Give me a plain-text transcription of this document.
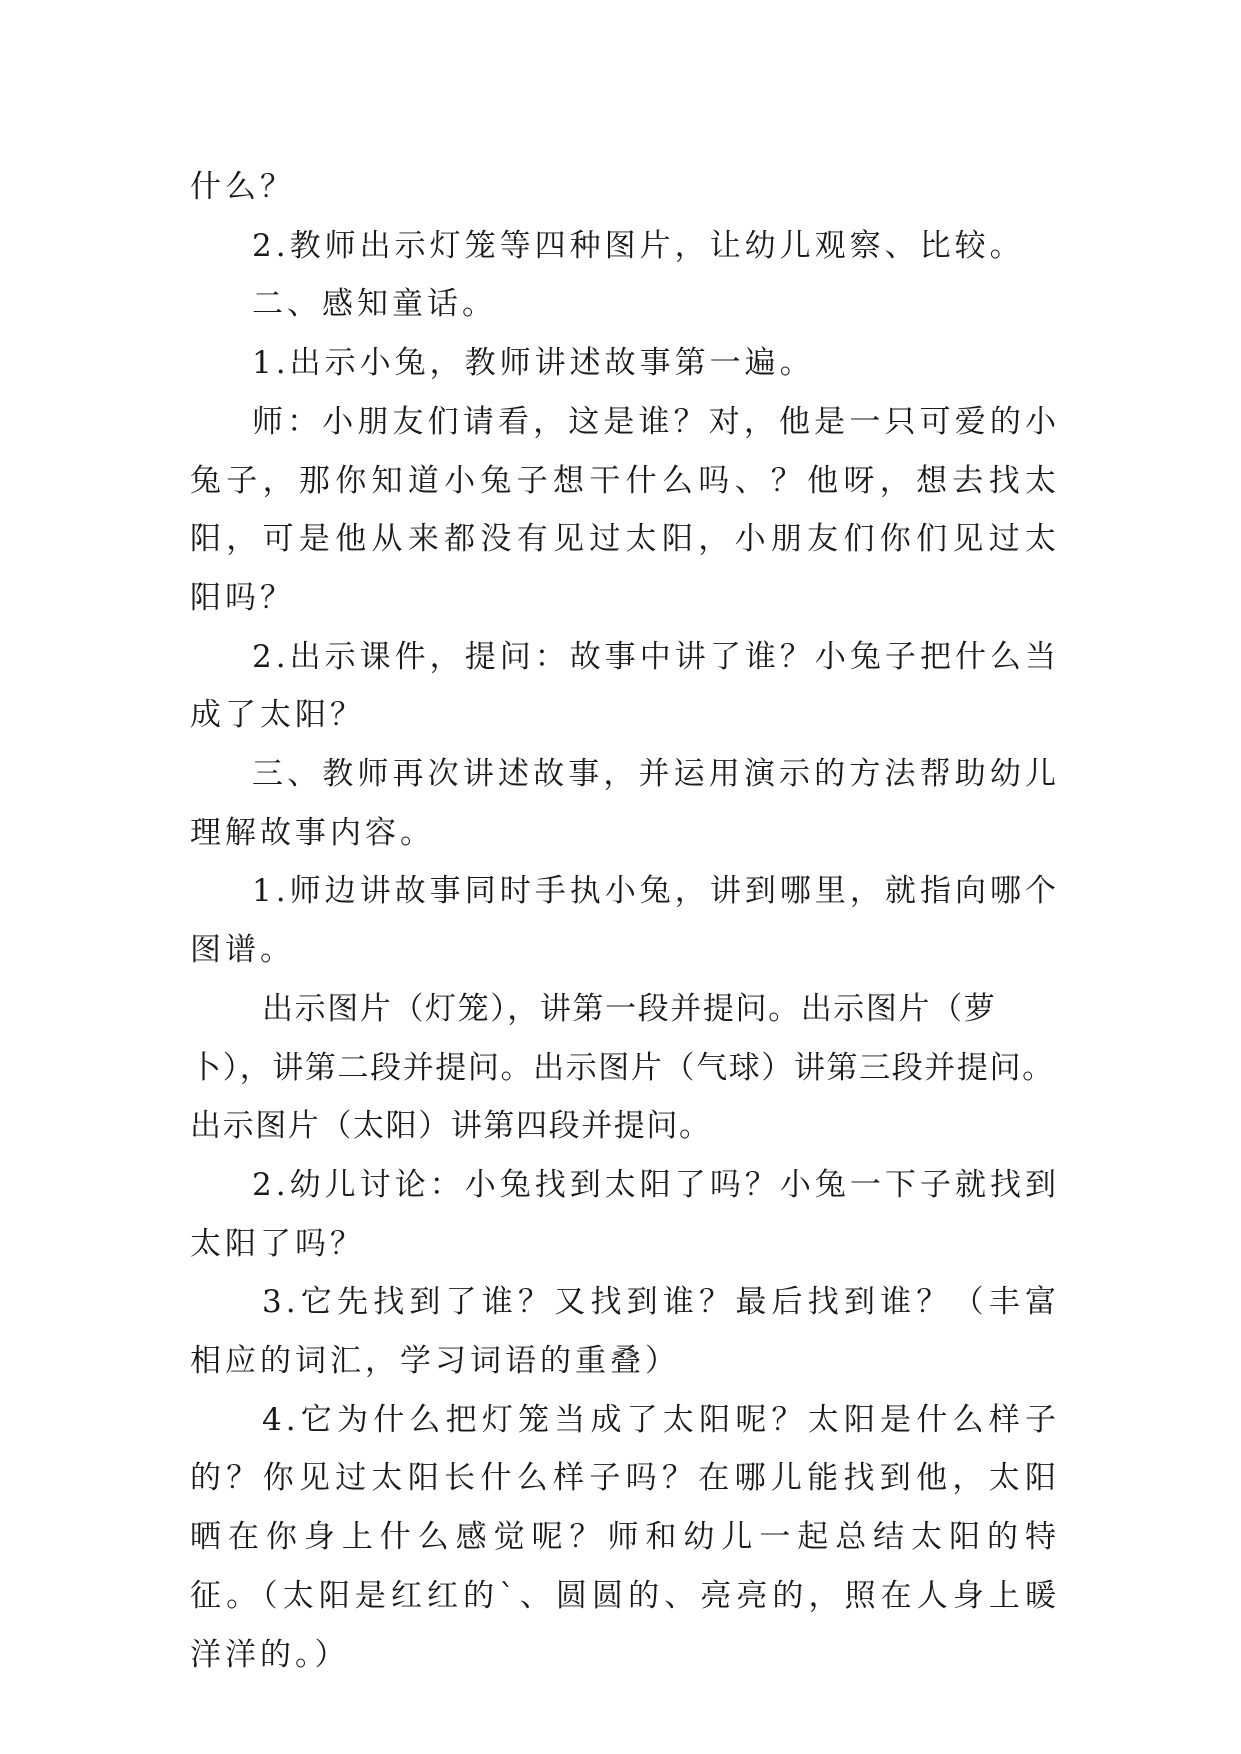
什么？

2.教师出示灯笼等四种图片，让幼儿观察、比较。

二、感知童话。

1.出示小兔，教师讲述故事第一遍。

师：小朋友们请看，这是谁？对，他是一只可爱的小兔子，那你知道小兔子想干什么吗、？他呀，想去找太阳，可是他从来都没有见过太阳，小朋友们你们见过太阳吗？

2.出示课件，提问：故事中讲了谁？小兔子把什么当成了太阳？

三、教师再次讲述故事，并运用演示的方法帮助幼儿理解故事内容。

1.师边讲故事同时手执小兔，讲到哪里，就指向哪个图谱。

出示图片（灯笼），讲第一段并提问。出示图片（萝

卜），讲第二段并提问。出示图片（气球）讲第三段并提问。

出示图片（太阳）讲第四段并提问。

2.幼儿讨论：小兔找到太阳了吗？小兔一下子就找到太阳了吗？

3.它先找到了谁？又找到谁？最后找到谁？（丰富相应的词汇，学习词语的重叠）

4.它为什么把灯笼当成了太阳呢？太阳是什么样子的？你见过太阳长什么样子吗？在哪儿能找到他，太阳晒在你身上什么感觉呢？师和幼儿一起总结太阳的特征。（太阳是红红的`、圆圆的、亮亮的，照在人身上暖洋洋的。）
